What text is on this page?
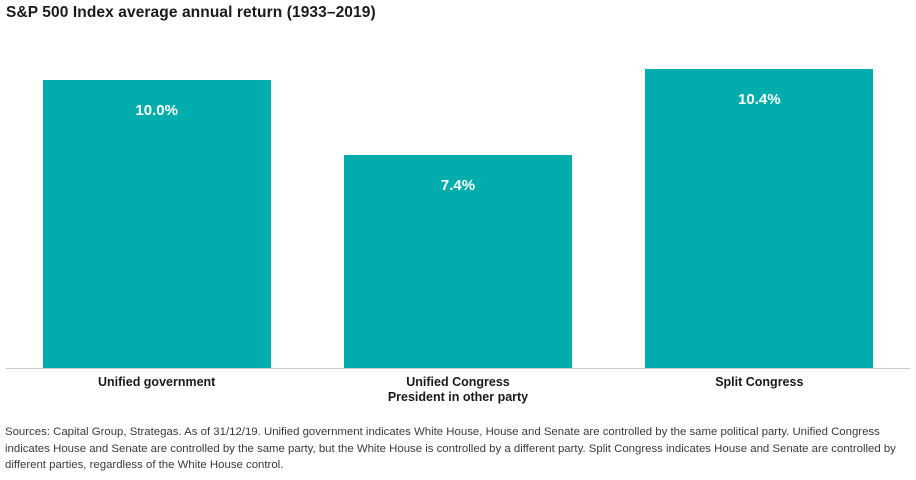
S&P 500 Index average annual return (1933–2019)
10.0%
7.4%
10.4%
Unified government	Unified Congress
President in other party
Split Congress
Sources: Capital Group, Strategas. As of 31/12/19. Unified government indicates White House, House and Senate are controlled by the same political party. Unified Congress indicates House and Senate are controlled by the same party, but the White House is controlled by a different party. Split Congress indicates House and Senate are controlled by different parties, regardless of the White House control.
